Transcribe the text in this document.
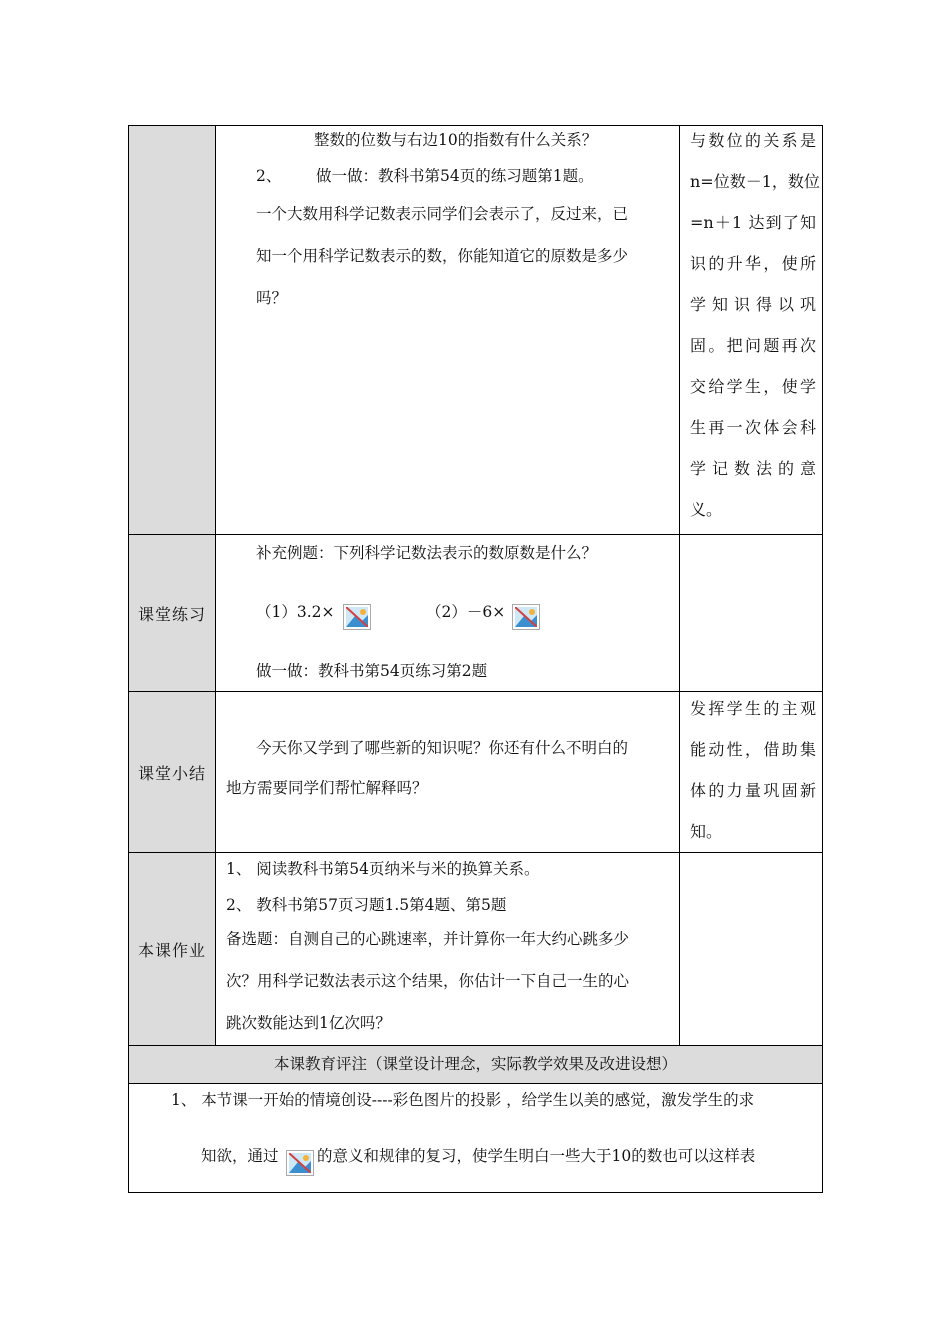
整数的位数与右边10的指数有什么关系？
2、 做一做：教科书第54页的练习题第1题。
一个大数用科学记数表示同学们会表示了，反过来，已
知一个用科学记数表示的数，你能知道它的原数是多少
吗？
与数位的关系是
n=位数－1，数位
=n＋1 达到了知
识的升华，使所
学 知 识 得 以 巩
固。把问题再次
交给学生，使学
生再一次体会科
学 记 数 法 的 意
义。
课堂练习
补充例题：下列科学记数法表示的数原数是什么？
（1）3.2×	（2）－6×
做一做：教科书第54页练习第2题
课堂小结
今天你又学到了哪些新的知识呢？你还有什么不明白的
地方需要同学们帮忙解释吗？
发挥学生的主观
能动性，借助集
体的力量巩固新
知。
本课作业
1、 阅读教科书第54页纳米与米的换算关系。
2、 教科书第57页习题1.5第4题、第5题
备选题：自测自己的心跳速率，并计算你一年大约心跳多少
次？用科学记数法表示这个结果，你估计一下自己一生的心
跳次数能达到1亿次吗？
本课教育评注（课堂设计理念，实际教学效果及改进设想）
1、 本节课一开始的情境创设----彩色图片的投影 ，给学生以美的感觉，激发学生的求
知欲，通过 的意义和规律的复习，使学生明白一些大于10的数也可以这样表
